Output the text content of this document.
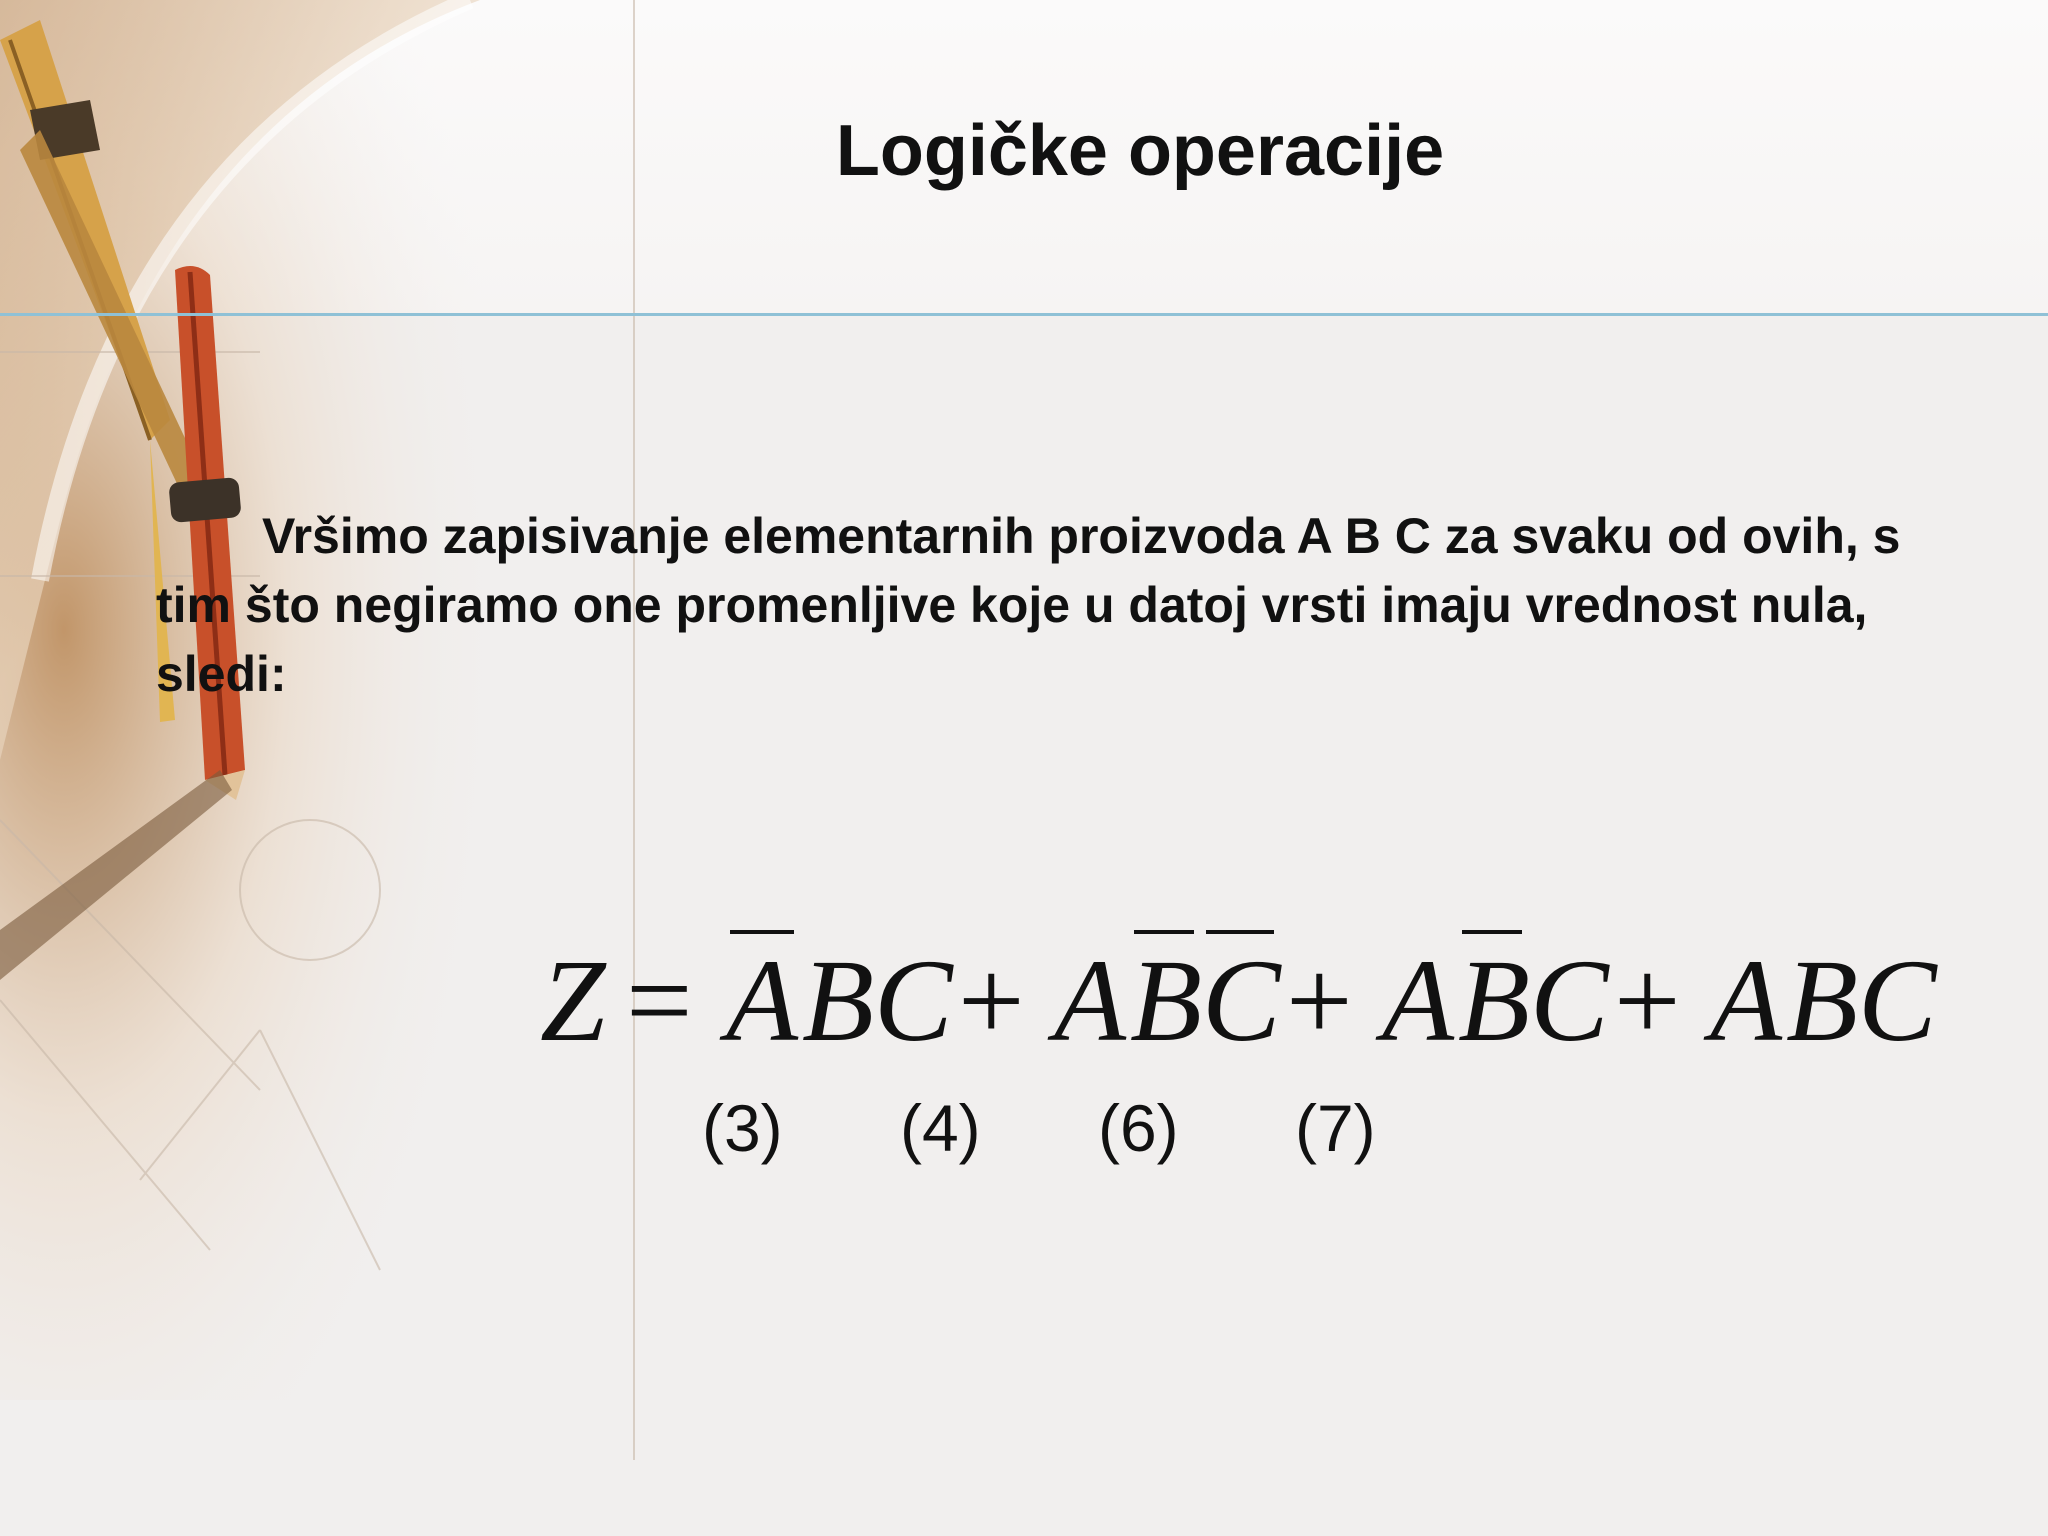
Logičke operacije
Vršimo zapisivanje elementarnih proizvoda A B C za svaku od ovih, s tim što negiramo one promenljive koje u datoj vrsti imaju vrednost nula, sledi:
Z = A B C + A B C + A B C + A B C
(3) (4) (6) (7)
